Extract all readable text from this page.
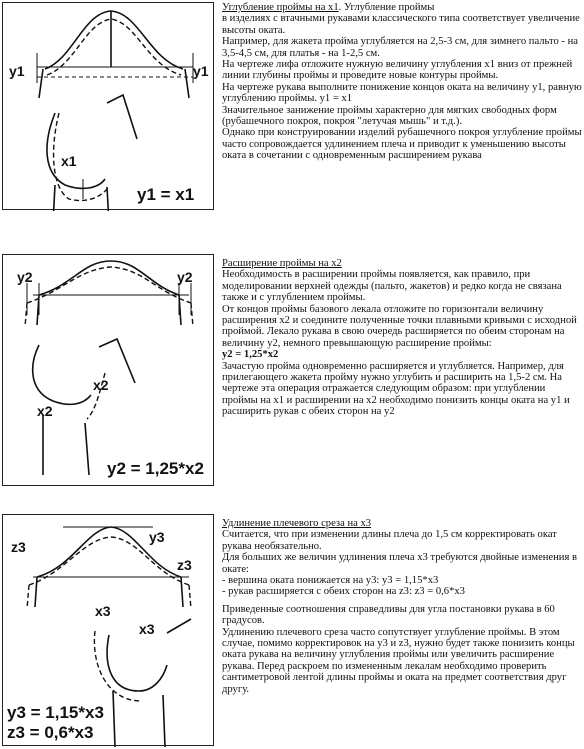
y1	y1
x1
y1 = x1

Углубление проймы на x1. Углубление проймы

в изделиях с втачными рукавами классического типа соответствует увеличение высоты оката.

Например, для жакета пройма углубляется на 2,5-3 см, для зимнего пальто - на 3,5-4,5 см, для платья - на 1-2,5 см.

На чертеже лифа отложите нужную величину углубления x1 вниз от прежней линии глубины проймы и проведите новые контуры проймы.

На чертеже рукава выполните понижение концов оката на величину y1, равную углублению проймы. y1 = x1

Значительное занижение проймы характерно для мягких свободных форм (рубашечного покроя, покроя "летучая мышь" и т.д.).

Однако при конструировании изделий рубашечного покроя углубление проймы часто сопровождается удлинением плеча и приводит к уменьшению высоты оката в сочетании с одновременным расширением рукава

y2	y2
x2
x2
y2 = 1,25*x2

Расширение проймы на x2

Необходимость в расширении проймы появляется, как правило, при моделировании верхней одежды (пальто, жакетов) и редко когда не связана также и с углублением проймы.

От концов проймы базового лекала отложите по горизонтали величину расширения x2 и соедините полученные точки плавными кривыми с исходной проймой. Лекало рукава в свою очередь расширяется по обеим сторонам на величину y2, немного превышающую расширение проймы:

y2 = 1,25*x2

Зачастую пройма одновременно расширяется и углубляется. Например, для прилегающего жакета пройму нужно углубить и расширить на 1,5-2 см. На чертеже эта операция отражается следующим образом: при углублении проймы на x1 и расширении на x2 необходимо понизить концы оката на y1 и расширить рукав с обеих сторон на y2

y3
z3
z3
x3
x3
y3 = 1,15*x3
z3 = 0,6*x3

Удлинение плечевого среза на x3

Считается, что при изменении длины плеча до 1,5 см корректировать окат рукава необязательно.

Для больших же величин удлинения плеча x3 требуются двойные изменения в окате:

- вершина оката понижается на y3: y3 = 1,15*x3

- рукав расширяется с обеих сторон на z3: z3 = 0,6*x3

Приведенные соотношения справедливы для угла постановки рукава в 60 градусов.

Удлинению плечевого среза часто сопутствует углубление проймы. В этом случае, помимо корректировок на y3 и z3, нужно будет также понизить концы оката рукава на величину углубления проймы или увеличить расширение рукава. Перед раскроем по измененным лекалам необходимо проверить сантиметровой лентой длины проймы и оката на предмет соответствия друг другу.
